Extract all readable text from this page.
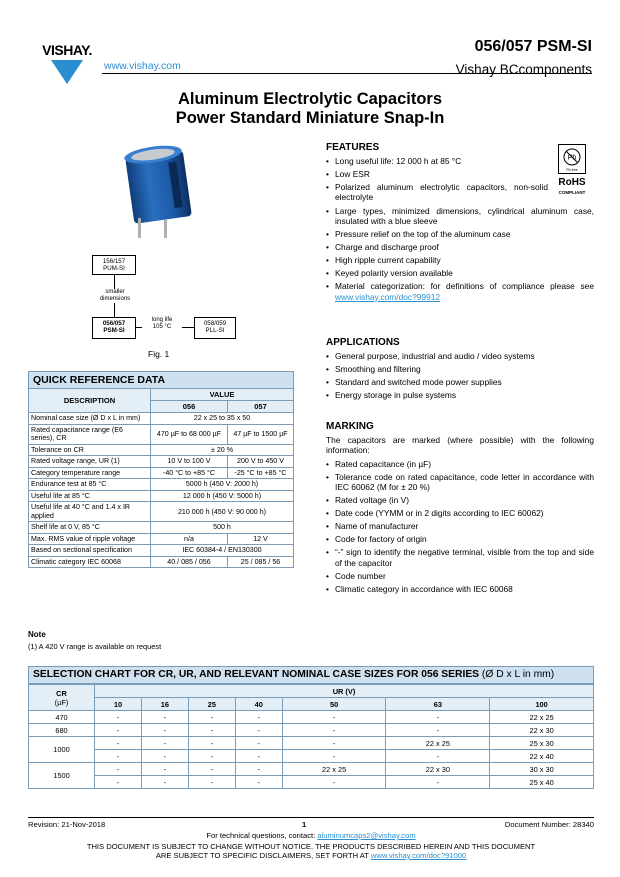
VISHAY.
www.vishay.com
056/057 PSM-SI
Vishay BCcomponents
Aluminum Electrolytic Capacitors
Power Standard Miniature Snap-In
156/157
PUM-SI
smaller
dimensions
056/057
PSM-SI
long life
105 °C	058/059
PLL-SI
Fig. 1
QUICK REFERENCE DATA		
DESCRIPTION	VALUE	
	056	057
Nominal case size (Ø D x L in mm)	22 x 25 to 35 x 50	
Rated capacitance range (E6 series), CR	470 µF to 68 000 µF	47 µF to 1500 µF
Tolerance on CR	± 20 %	
Rated voltage range, UR (1)	10 V to 100 V	200 V to 450 V
Category temperature range	-40 °C to +85 °C	-25 °C to +85 °C
Endurance test at 85 °C	5000 h (450 V: 2000 h)	
Useful life at 85 °C	12 000 h (450 V: 5000 h)	
Useful life at 40 °C and 1.4 x IR applied	210 000 h (450 V: 90 000 h)	
Shelf life at 0 V, 85 °C	500 h	
Max. RMS value of ripple voltage	n/a	12 V
Based on sectional specification	IEC 60384-4 / EN130300	
Climatic category IEC 60068	40 / 085 / 056	25 / 085 / 56
Note
(1) A 420 V range is available on request
Pb
Pb-free
RoHS
COMPLIANT
FEATURES
• Long useful life: 12 000 h at 85 °C
• Low ESR
• Polarized aluminum electrolytic capacitors, non-solid electrolyte
• Large types, minimized dimensions, cylindrical aluminum case, insulated with a blue sleeve
• Pressure relief on the top of the aluminum case
• Charge and discharge proof
• High ripple current capability
• Keyed polarity version available
• Material categorization: for definitions of compliance please see www.vishay.com/doc?99912
APPLICATIONS
• General purpose, industrial and audio / video systems
• Smoothing and filtering
• Standard and switched mode power supplies
• Energy storage in pulse systems
MARKING
The capacitors are marked (where possible) with the following information:
• Rated capacitance (in µF)
• Tolerance code on rated capacitance, code letter in accordance with IEC 60062 (M for ± 20 %)
• Rated voltage (in V)
• Date code (YYMM or in 2 digits according to IEC 60062)
• Name of manufacturer
• Code for factory of origin
• “-” sign to identify the negative terminal, visible from the top and side of the capacitor
• Code number
• Climatic category in accordance with IEC 60068
SELECTION CHART FOR CR, UR, AND RELEVANT NOMINAL CASE SIZES FOR 056 SERIES (Ø D x L in mm)
CR
(µF)	UR (V)						
	10	16	25	40	50	63	100
470	-	-	-	-	-	-	22 x 25
680	-	-	-	-	-	-	22 x 30
1000	-	-	-	-	-	22 x 25	25 x 30
	-	-	-	-	-	-	22 x 40
1500	-	-	-	-	22 x 25	22 x 30	30 x 30
	-	-	-	-	-	-	25 x 40
Revision: 21-Nov-2018	1	Document Number: 28340
For technical questions, contact: aluminumcaps2@vishay.com
THIS DOCUMENT IS SUBJECT TO CHANGE WITHOUT NOTICE. THE PRODUCTS DESCRIBED HEREIN AND THIS DOCUMENT
ARE SUBJECT TO SPECIFIC DISCLAIMERS, SET FORTH AT www.vishay.com/doc?91000
